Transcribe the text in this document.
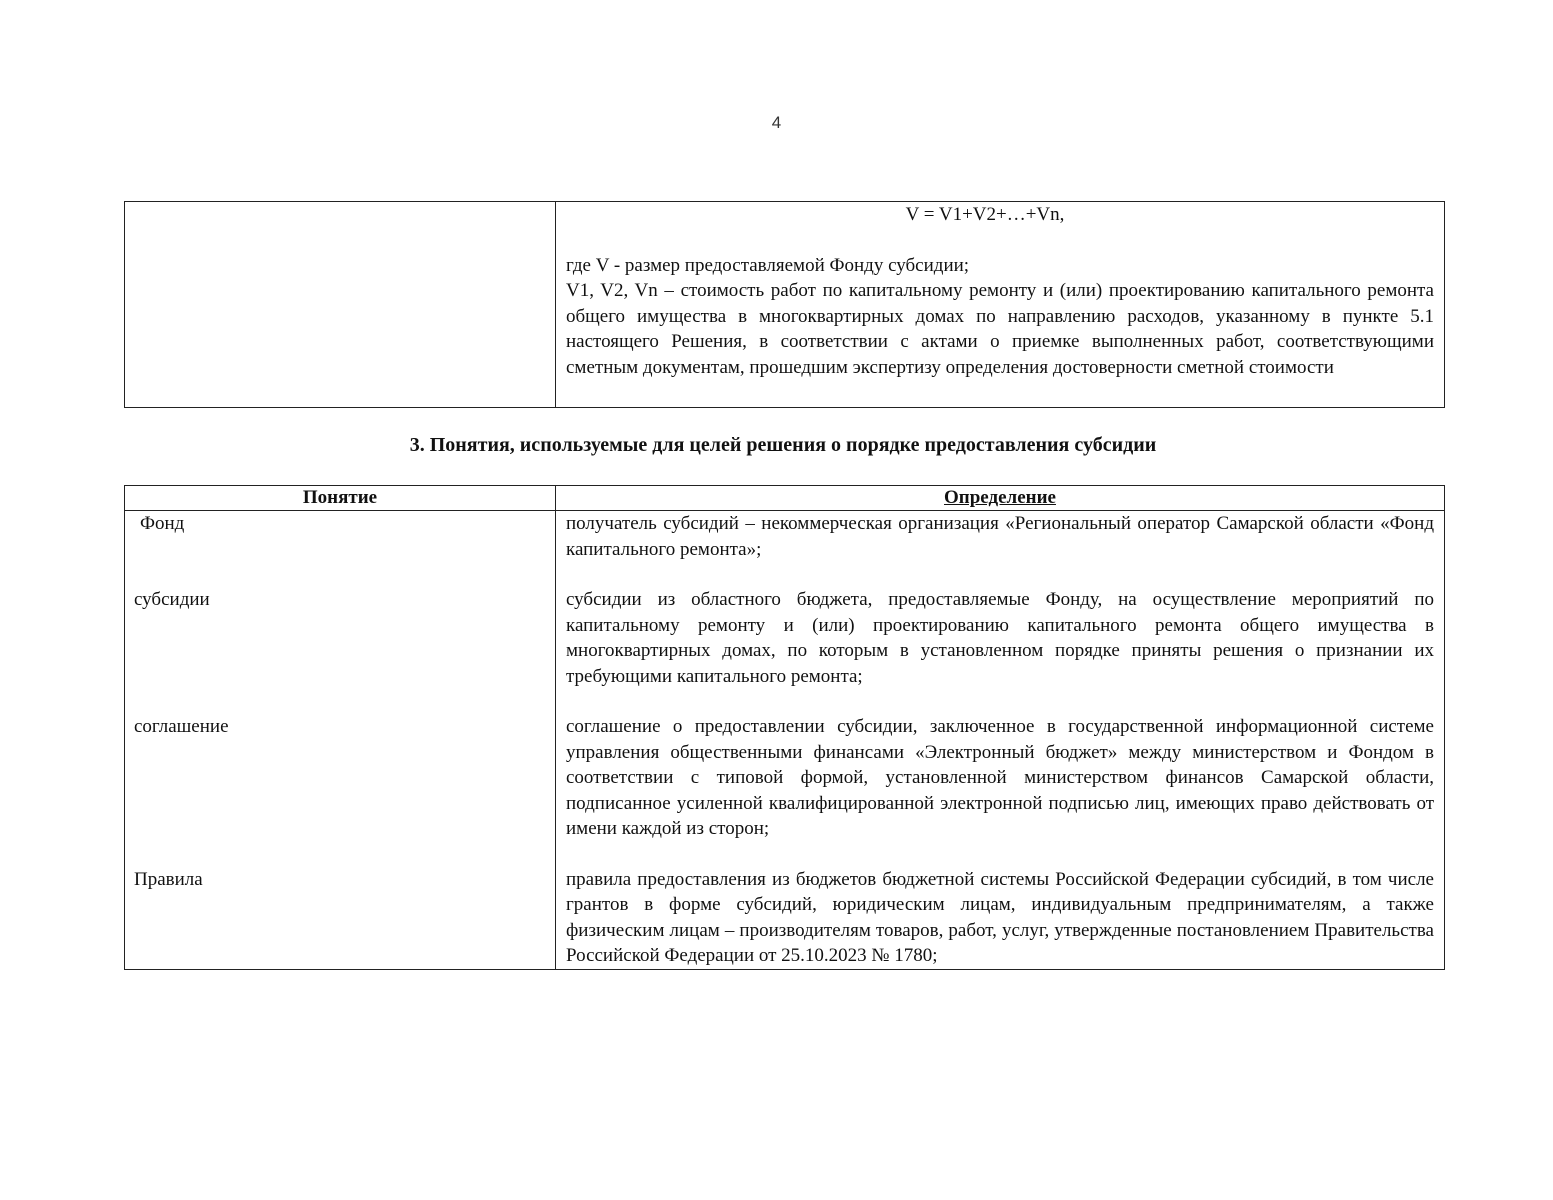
4

V = V1+V2+…+Vn,
где V - размер предоставляемой Фонду субсидии;
V1, V2, Vn – стоимость работ по капитальному ремонту и (или) проектированию капитального ремонта общего имущества в многоквартирных домах по направлению расходов, указанному в пункте 5.1 настоящего Решения, в соответствии с актами о приемке выполненных работ, соответствующими сметным документам, прошедшим экспертизу определения достоверности сметной стоимости
3. Понятия, используемые для целей решения о порядке предоставления субсидии
Понятие	Определение

Фонд	получатель субсидий – некоммерческая организация «Региональный оператор Самарской области «Фонд капитального ремонта»;
субсидии	субсидии из областного бюджета, предоставляемые Фонду, на осуществление мероприятий по капитальному ремонту и (или) проектированию капитального ремонта общего имущества в многоквартирных домах, по которым в установленном порядке приняты решения о признании их требующими капитального ремонта;
соглашение	соглашение о предоставлении субсидии, заключенное в государственной информационной системе управления общественными финансами «Электронный бюджет» между министерством и Фондом в соответствии с типовой формой, установленной министерством финансов Самарской области, подписанное усиленной квалифицированной электронной подписью лиц, имеющих право действовать от имени каждой из сторон;
Правила	правила предоставления из бюджетов бюджетной системы Российской Федерации субсидий, в том числе грантов в форме субсидий, юридическим лицам, индивидуальным предпринимателям, а также физическим лицам – производителям товаров, работ, услуг, утвержденные постановлением Правительства Российской Федерации от 25.10.2023 № 1780;
